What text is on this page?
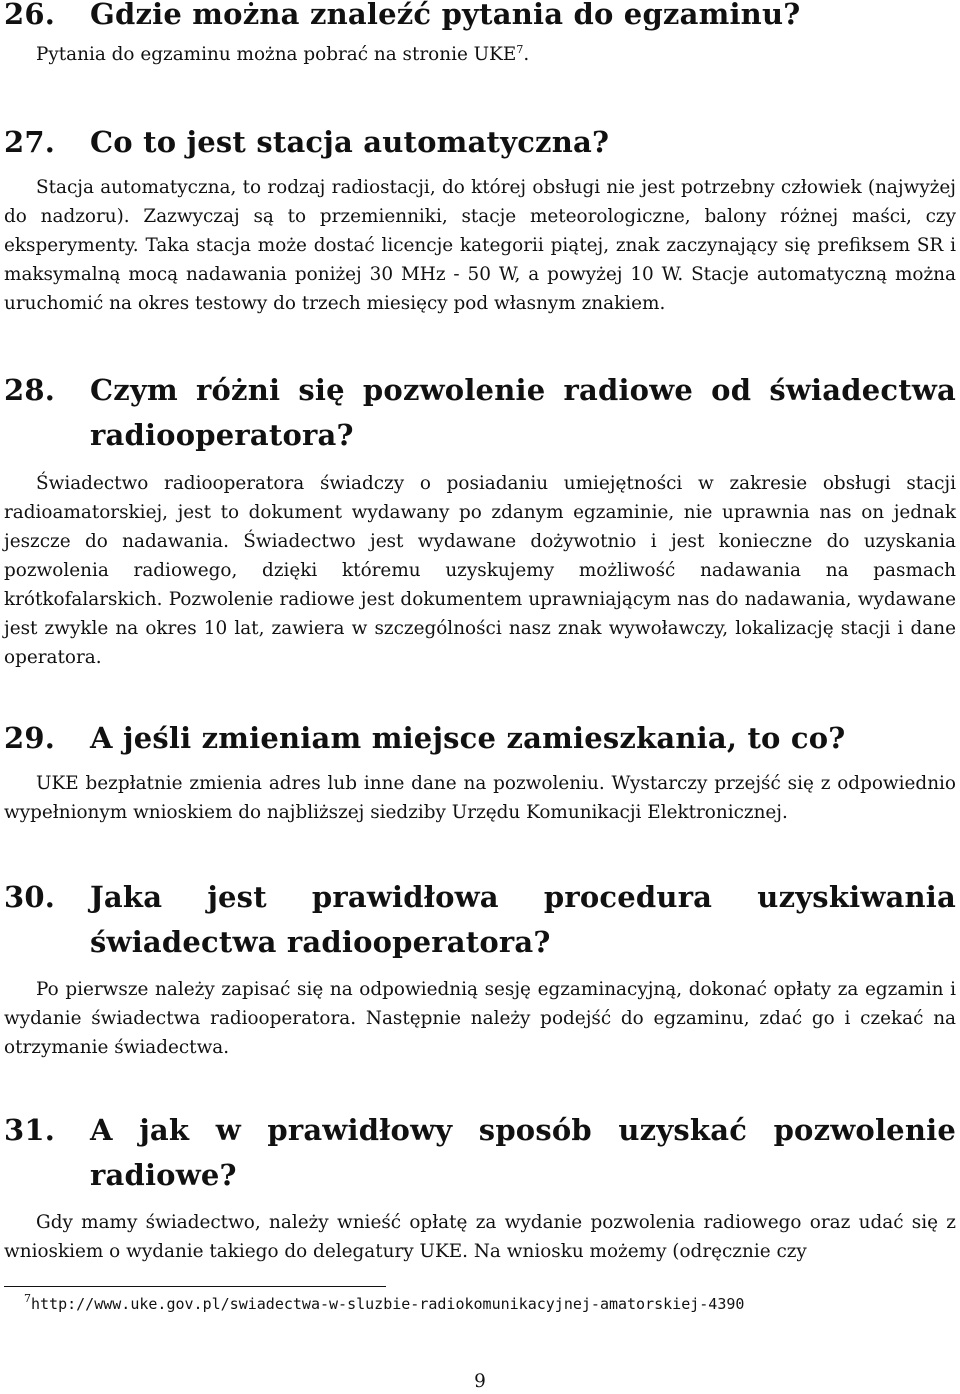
26.	Gdzie można znaleźć pytania do egzaminu?

Pytania do egzaminu można pobrać na stronie UKE$^7$.

27.	Co to jest stacja automatyczna?

Stacja automatyczna, to rodzaj radiostacji, do której obsługi nie jest potrzebny człowiek (najwyżej do nadzoru). Zazwyczaj są to przemienniki, stacje meteorologiczne, balony różnej maści, czy eksperymenty. Taka stacja może dostać licencje kategorii piątej, znak zaczynający się prefiksem SR i maksymalną mocą nadawania poniżej 30 MHz - 50 W, a powyżej 10 W. Stacje automatyczną można uruchomić na okres testowy do trzech miesięcy pod własnym znakiem.

28.	Czym różni się pozwolenie radiowe od świadectwa radiooperatora?

Świadectwo radiooperatora świadczy o posiadaniu umiejętności w zakresie obsługi stacji radioamatorskiej, jest to dokument wydawany po zdanym egzaminie, nie uprawnia nas on jednak jeszcze do nadawania. Świadectwo jest wydawane dożywotnio i jest konieczne do uzyskania pozwolenia radiowego, dzięki któremu uzyskujemy możliwość nadawania na pasmach krótkofalarskich. Pozwolenie radiowe jest dokumentem uprawniającym nas do nadawania, wydawane jest zwykle na okres 10 lat, zawiera w szczególności nasz znak wywoławczy, lokalizację stacji i dane operatora.

29.	A jeśli zmieniam miejsce zamieszkania, to co?

UKE bezpłatnie zmienia adres lub inne dane na pozwoleniu. Wystarczy przejść się z odpowiednio wypełnionym wnioskiem do najbliższej siedziby Urzędu Komunikacji Elektronicznej.

30.	Jaka jest prawidłowa procedura uzyskiwania świadectwa radiooperatora?

Po pierwsze należy zapisać się na odpowiednią sesję egzaminacyjną, dokonać opłaty za egzamin i wydanie świadectwa radiooperatora. Następnie należy podejść do egzaminu, zdać go i czekać na otrzymanie świadectwa.

31.	A jak w prawidłowy sposób uzyskać pozwolenie radiowe?

Gdy mamy świadectwo, należy wnieść opłatę za wydanie pozwolenia radiowego oraz udać się z wnioskiem o wydanie takiego do delegatury UKE. Na wniosku możemy (odręcznie czy

$^7$http://www.uke.gov.pl/swiadectwa-w-sluzbie-radiokomunikacyjnej-amatorskiej-4390
9
